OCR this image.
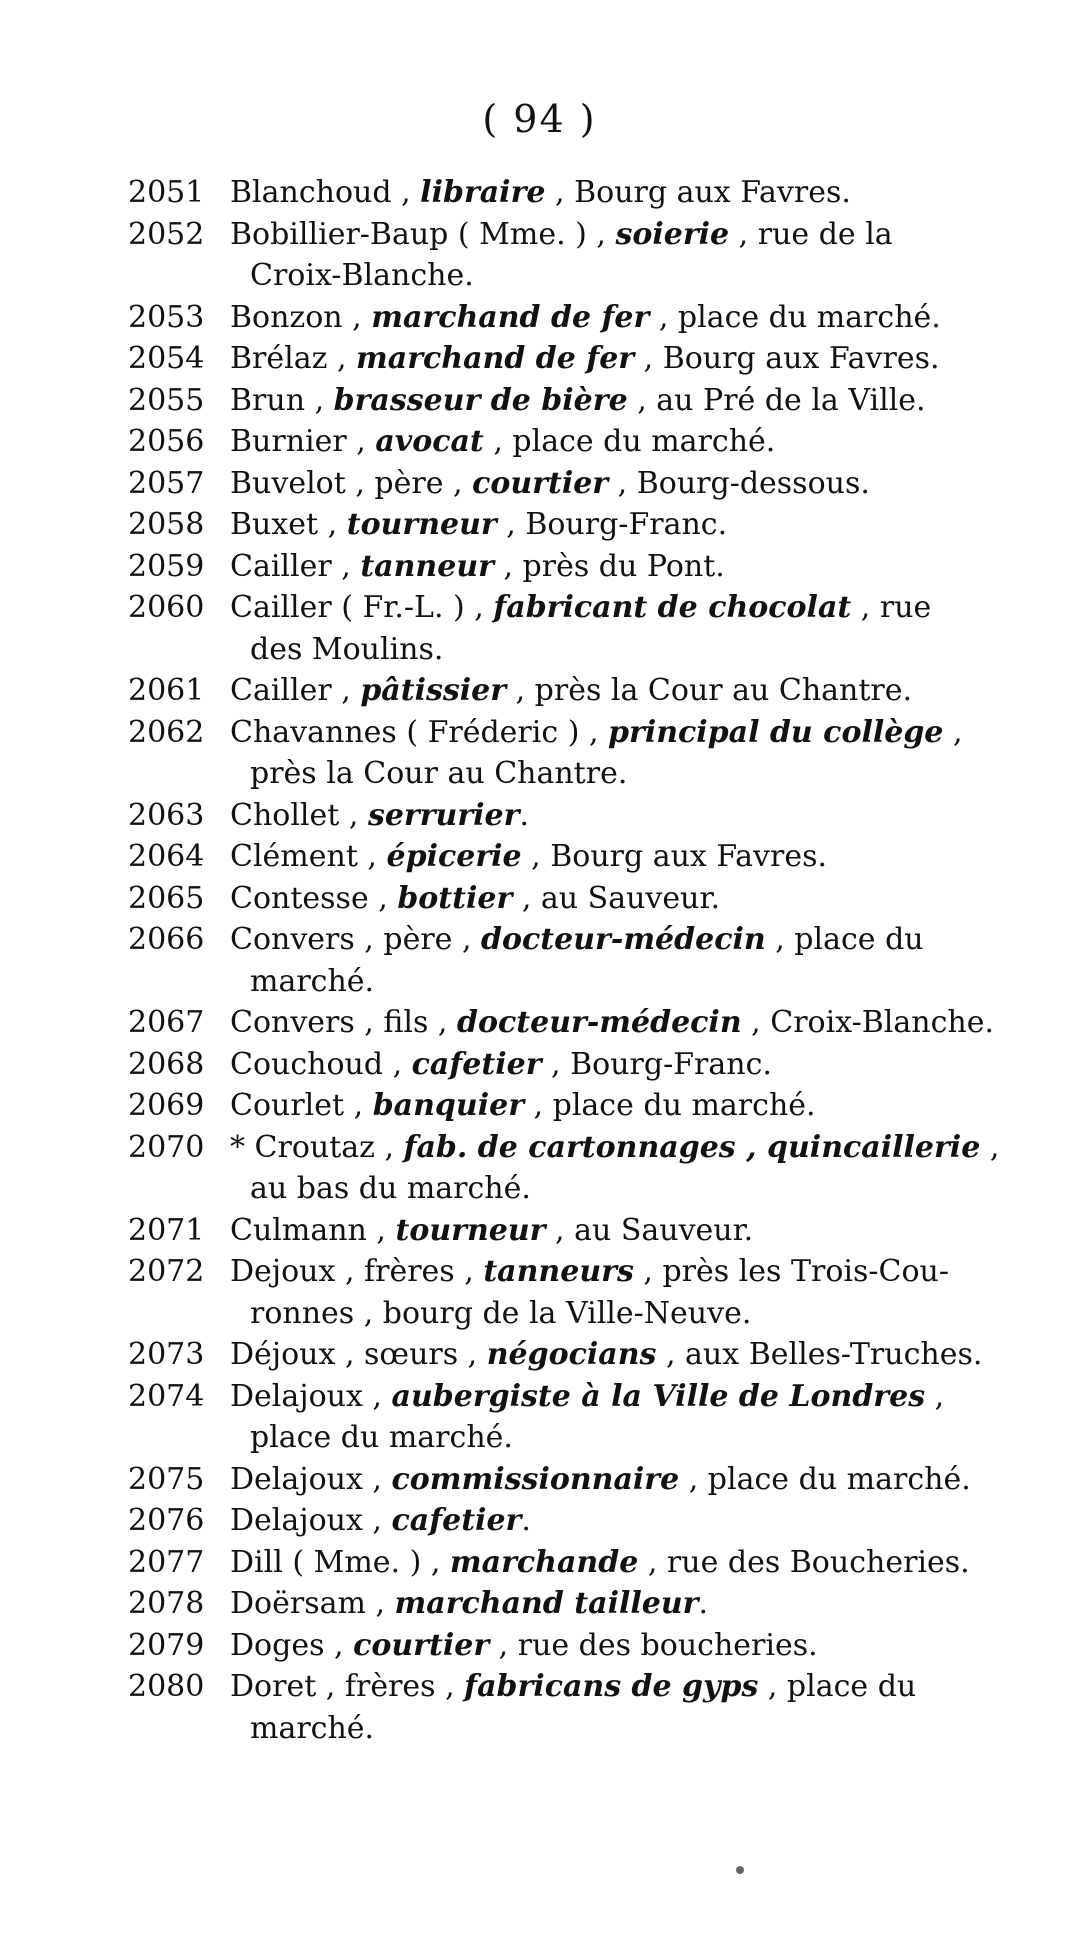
( 94 )
2051 Blanchoud , libraire , Bourg aux Favres.
2052 Bobillier-Baup ( Mme. ) , soierie , rue de la
Croix-Blanche.
2053 Bonzon , marchand de fer , place du marché.
2054 Brélaz , marchand de fer , Bourg aux Favres.
2055 Brun , brasseur de bière , au Pré de la Ville.
2056 Burnier , avocat , place du marché.
2057 Buvelot , père , courtier , Bourg-dessous.
2058 Buxet , tourneur , Bourg-Franc.
2059 Cailler , tanneur , près du Pont.
2060 Cailler ( Fr.-L. ) , fabricant de chocolat , rue
des Moulins.
2061 Cailler , pâtissier , près la Cour au Chantre.
2062 Chavannes ( Fréderic ) , principal du collège ,
près la Cour au Chantre.
2063 Chollet , serrurier.
2064 Clément , épicerie , Bourg aux Favres.
2065 Contesse , bottier , au Sauveur.
2066 Convers , père , docteur-médecin , place du
marché.
2067 Convers , fils , docteur-médecin , Croix-Blanche.
2068 Couchoud , cafetier , Bourg-Franc.
2069 Courlet , banquier , place du marché.
2070 * Croutaz , fab. de cartonnages , quincaillerie ,
au bas du marché.
2071 Culmann , tourneur , au Sauveur.
2072 Dejoux , frères , tanneurs , près les Trois-Cou-
ronnes , bourg de la Ville-Neuve.
2073 Déjoux , sœurs , négocians , aux Belles-Truches.
2074 Delajoux , aubergiste à la Ville de Londres ,
place du marché.
2075 Delajoux , commissionnaire , place du marché.
2076 Delajoux , cafetier.
2077 Dill ( Mme. ) , marchande , rue des Boucheries.
2078 Doërsam , marchand tailleur.
2079 Doges , courtier , rue des boucheries.
2080 Doret , frères , fabricans de gyps , place du
marché.
